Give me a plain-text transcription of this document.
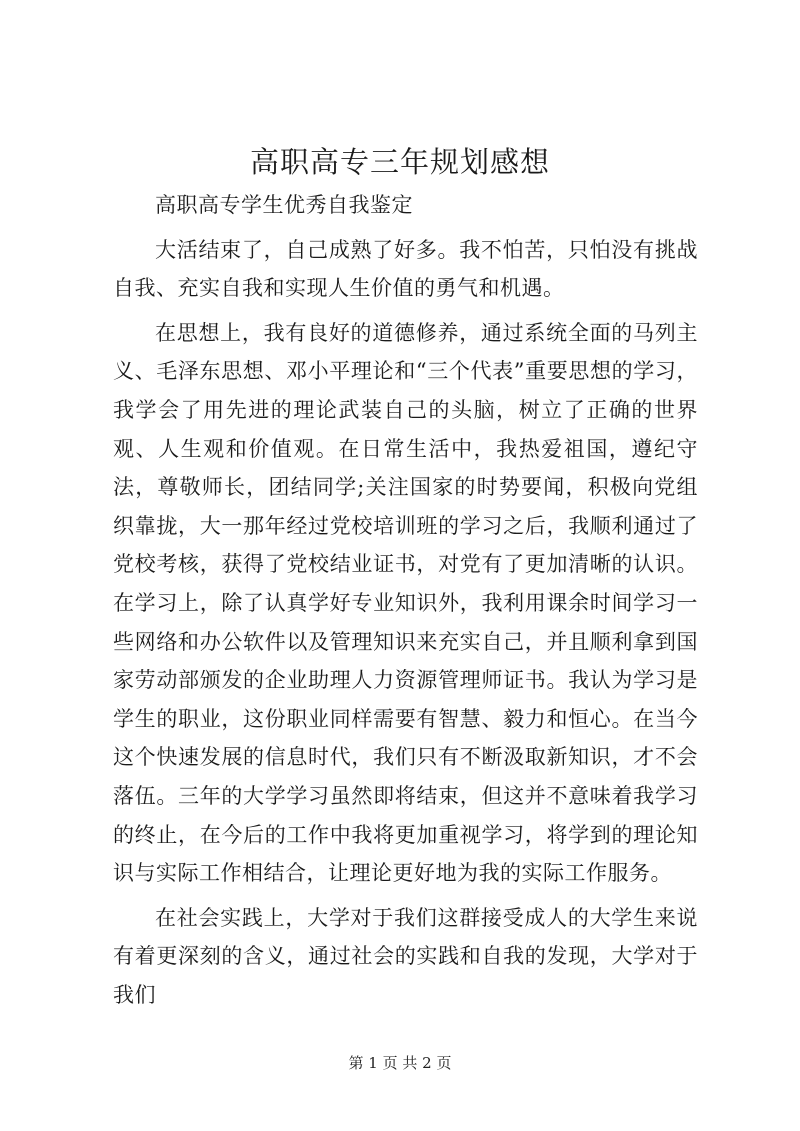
高职高专三年规划感想

高职高专学生优秀自我鉴定

大活结束了，自己成熟了好多。我不怕苦，只怕没有挑战自我、充实自我和实现人生价值的勇气和机遇。

在思想上，我有良好的道德修养，通过系统全面的马列主义、毛泽东思想、邓小平理论和“三个代表”重要思想的学习，我学会了用先进的理论武装自己的头脑，树立了正确的世界观、人生观和价值观。在日常生活中，我热爱祖国，遵纪守法，尊敬师长，团结同学;关注国家的时势要闻，积极向党组织靠拢，大一那年经过党校培训班的学习之后，我顺利通过了党校考核，获得了党校结业证书，对党有了更加清晰的认识。在学习上，除了认真学好专业知识外，我利用课余时间学习一些网络和办公软件以及管理知识来充实自己，并且顺利拿到国家劳动部颁发的企业助理人力资源管理师证书。我认为学习是学生的职业，这份职业同样需要有智慧、毅力和恒心。在当今这个快速发展的信息时代，我们只有不断汲取新知识，才不会落伍。三年的大学学习虽然即将结束，但这并不意味着我学习的终止，在今后的工作中我将更加重视学习，将学到的理论知识与实际工作相结合，让理论更好地为我的实际工作服务。

在社会实践上，大学对于我们这群接受成人的大学生来说有着更深刻的含义，通过社会的实践和自我的发现，大学对于我们

第 1 页 共 2 页
